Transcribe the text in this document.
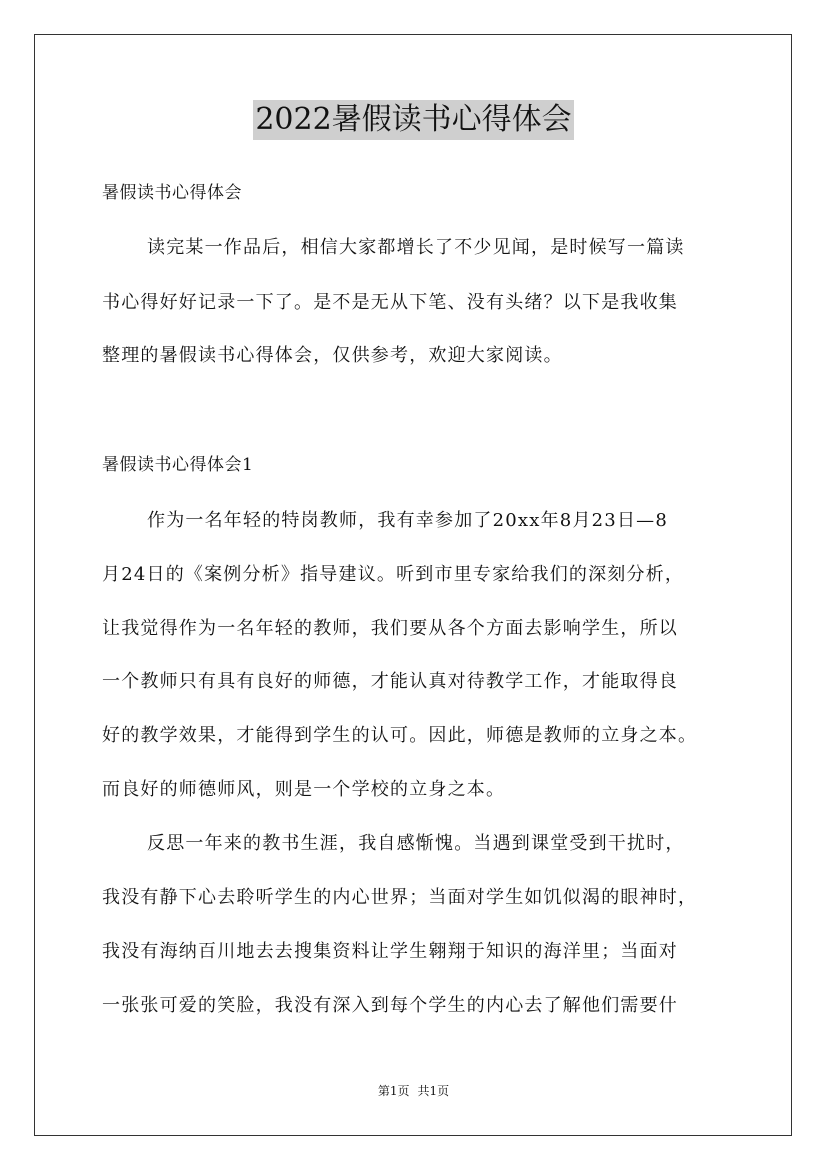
2022暑假读书心得体会
暑假读书心得体会
读完某一作品后，相信大家都增长了不少见闻，是时候写一篇读
书心得好好记录一下了。是不是无从下笔、没有头绪？以下是我收集
整理的暑假读书心得体会，仅供参考，欢迎大家阅读。
暑假读书心得体会1
作为一名年轻的特岗教师，我有幸参加了20xx年8月23日—8
月24日的《案例分析》指导建议。听到市里专家给我们的深刻分析，
让我觉得作为一名年轻的教师，我们要从各个方面去影响学生，所以
一个教师只有具有良好的师德，才能认真对待教学工作，才能取得良
好的教学效果，才能得到学生的认可。因此，师德是教师的立身之本。
而良好的师德师风，则是一个学校的立身之本。
反思一年来的教书生涯，我自感惭愧。当遇到课堂受到干扰时，
我没有静下心去聆听学生的内心世界；当面对学生如饥似渴的眼神时，
我没有海纳百川地去去搜集资料让学生翱翔于知识的海洋里；当面对
一张张可爱的笑脸，我没有深入到每个学生的内心去了解他们需要什
第1页 共1页
